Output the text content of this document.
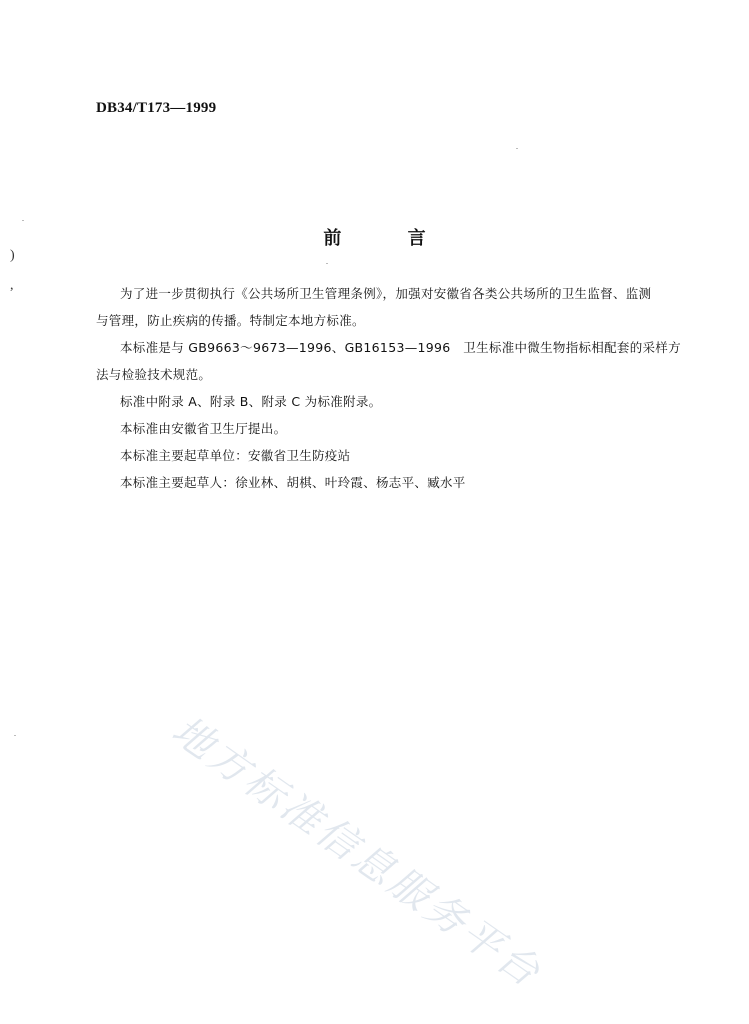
DB34/T173—1999
前 言

为了进一步贯彻执行《公共场所卫生管理条例》，加强对安徽省各类公共场所的卫生监督、监测
与管理，防止疾病的传播。特制定本地方标准。

本标准是与 GB9663～9673—1996、GB16153—1996　卫生标准中微生物指标相配套的采样方
法与检验技术规范。

标准中附录 A、附录 B、附录 C 为标准附录。

本标准由安徽省卫生厅提出。

本标准主要起草单位：安徽省卫生防疫站

本标准主要起草人：徐业林、胡棋、叶玲霞、杨志平、臧水平

地方标准信息服务平台
)
,
